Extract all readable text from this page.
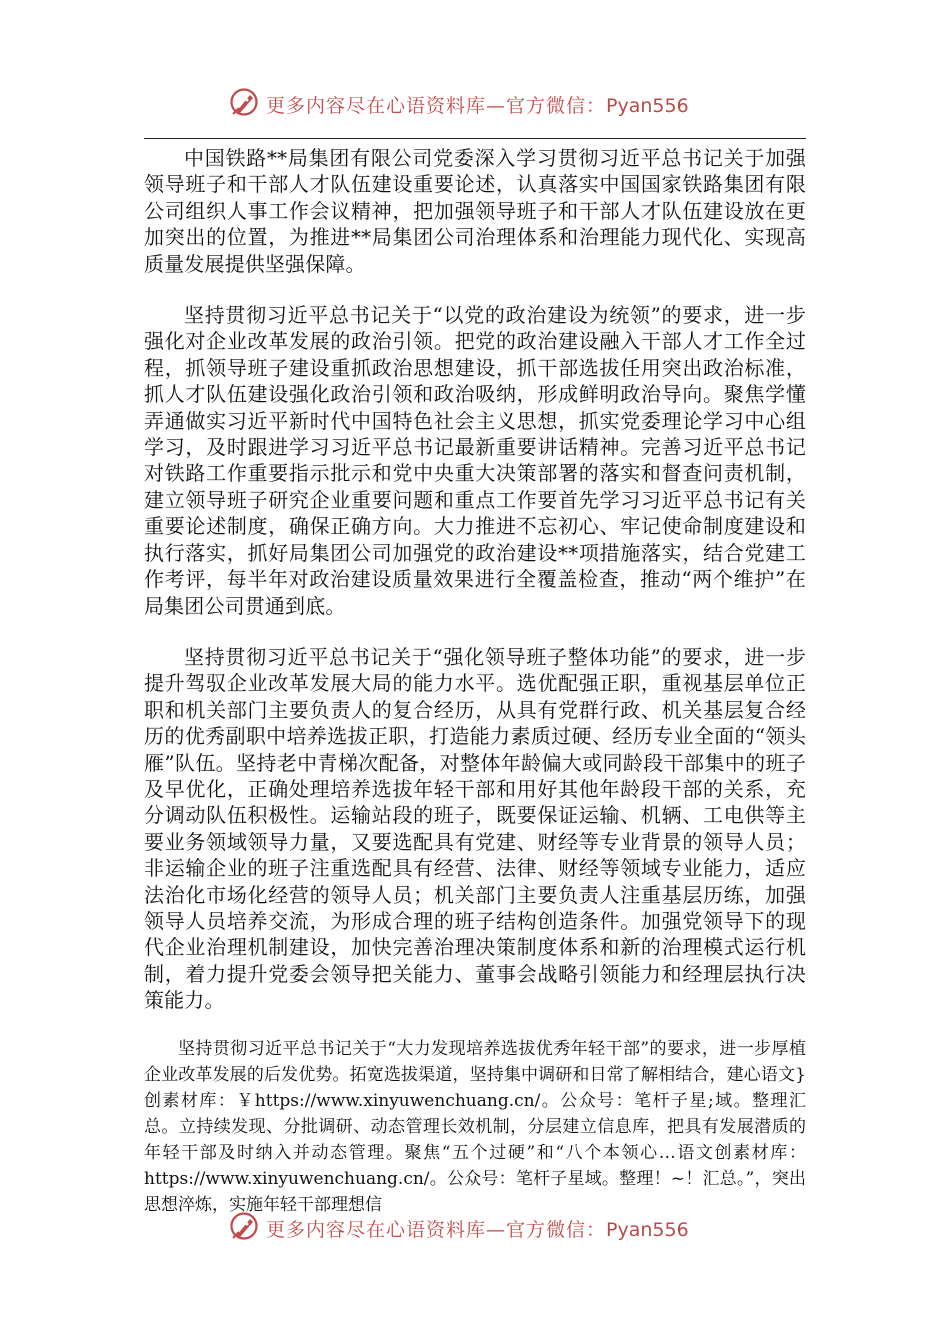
更多内容尽在心语资料库—官方微信：Pyan556

中国铁路**局集团有限公司党委深入学习贯彻习近平总书记关于加强领导班子和干部人才队伍建设重要论述，认真落实中国国家铁路集团有限公司组织人事工作会议精神，把加强领导班子和干部人才队伍建设放在更加突出的位置，为推进**局集团公司治理体系和治理能力现代化、实现高质量发展提供坚强保障。

坚持贯彻习近平总书记关于“以党的政治建设为统领”的要求，进一步强化对企业改革发展的政治引领。把党的政治建设融入干部人才工作全过程，抓领导班子建设重抓政治思想建设，抓干部选拔任用突出政治标准，抓人才队伍建设强化政治引领和政治吸纳，形成鲜明政治导向。聚焦学懂弄通做实习近平新时代中国特色社会主义思想，抓实党委理论学习中心组学习，及时跟进学习习近平总书记最新重要讲话精神。完善习近平总书记对铁路工作重要指示批示和党中央重大决策部署的落实和督查问责机制，建立领导班子研究企业重要问题和重点工作要首先学习习近平总书记有关重要论述制度，确保正确方向。大力推进不忘初心、牢记使命制度建设和执行落实，抓好局集团公司加强党的政治建设**项措施落实，结合党建工作考评，每半年对政治建设质量效果进行全覆盖检查，推动“两个维护”在局集团公司贯通到底。

坚持贯彻习近平总书记关于“强化领导班子整体功能”的要求，进一步提升驾驭企业改革发展大局的能力水平。选优配强正职，重视基层单位正职和机关部门主要负责人的复合经历，从具有党群行政、机关基层复合经历的优秀副职中培养选拔正职，打造能力素质过硬、经历专业全面的“领头雁”队伍。坚持老中青梯次配备，对整体年龄偏大或同龄段干部集中的班子及早优化，正确处理培养选拔年轻干部和用好其他年龄段干部的关系，充分调动队伍积极性。运输站段的班子，既要保证运输、机辆、工电供等主要业务领域领导力量，又要选配具有党建、财经等专业背景的领导人员；非运输企业的班子注重选配具有经营、法律、财经等领域专业能力，适应法治化市场化经营的领导人员；机关部门主要负责人注重基层历练，加强领导人员培养交流，为形成合理的班子结构创造条件。加强党领导下的现代企业治理机制建设，加快完善治理决策制度体系和新的治理模式运行机制，着力提升党委会领导把关能力、董事会战略引领能力和经理层执行决策能力。

坚持贯彻习近平总书记关于“大力发现培养选拔优秀年轻干部”的要求，进一步厚植企业改革发展的后发优势。拓宽选拔渠道，坚持集中调研和日常了解相结合，建心语文}创素材库：￥https://www.xinyuwenchuang.cn/。公众号：笔杆子星;域。整理汇总。立持续发现、分批调研、动态管理长效机制，分层建立信息库，把具有发展潜质的年轻干部及时纳入并动态管理。聚焦“五个过硬”和“八个本领心…语文创素材库：https://www.xinyuwenchuang.cn/。公众号：笔杆子星域。整理！~！汇总。”，突出思想淬炼，实施年轻干部理想信

更多内容尽在心语资料库—官方微信：Pyan556
